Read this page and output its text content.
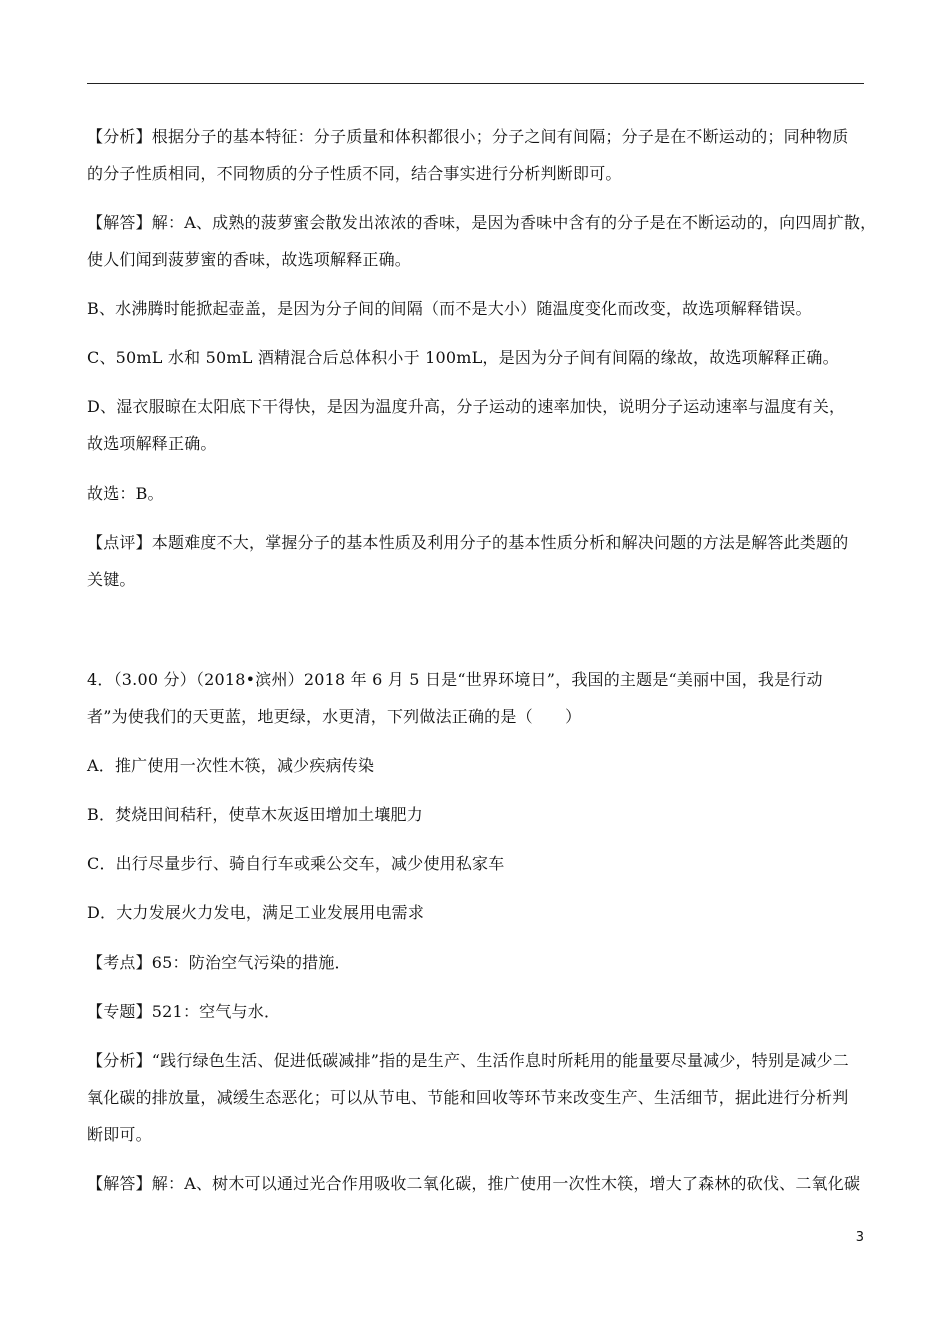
【分析】根据分子的基本特征：分子质量和体积都很小；分子之间有间隔；分子是在不断运动的；同种物质
的分子性质相同，不同物质的分子性质不同，结合事实进行分析判断即可。
【解答】解：A、成熟的菠萝蜜会散发出浓浓的香味，是因为香味中含有的分子是在不断运动的，向四周扩散，
使人们闻到菠萝蜜的香味，故选项解释正确。
B、水沸腾时能掀起壶盖，是因为分子间的间隔（而不是大小）随温度变化而改变，故选项解释错误。
C、50mL 水和 50mL 酒精混合后总体积小于 100mL，是因为分子间有间隔的缘故，故选项解释正确。
D、湿衣服晾在太阳底下干得快，是因为温度升高，分子运动的速率加快，说明分子运动速率与温度有关，
故选项解释正确。
故选：B。
【点评】本题难度不大，掌握分子的基本性质及利用分子的基本性质分析和解决问题的方法是解答此类题的
关键。
4．（3.00 分）（2018•滨州）2018 年 6 月 5 日是“世界环境日”，我国的主题是“美丽中国，我是行动
者”为使我们的天更蓝，地更绿，水更清，下列做法正确的是（　　）
A．推广使用一次性木筷，减少疾病传染
B．焚烧田间秸秆，使草木灰返田增加土壤肥力
C．出行尽量步行、骑自行车或乘公交车，减少使用私家车
D．大力发展火力发电，满足工业发展用电需求
【考点】65：防治空气污染的措施．
【专题】521：空气与水．
【分析】“践行绿色生活、促进低碳减排”指的是生产、生活作息时所耗用的能量要尽量减少，特别是减少二
氧化碳的排放量，减缓生态恶化；可以从节电、节能和回收等环节来改变生产、生活细节，据此进行分析判
断即可。
【解答】解：A、树木可以通过光合作用吸收二氧化碳，推广使用一次性木筷，增大了森林的砍伐、二氧化碳
3
